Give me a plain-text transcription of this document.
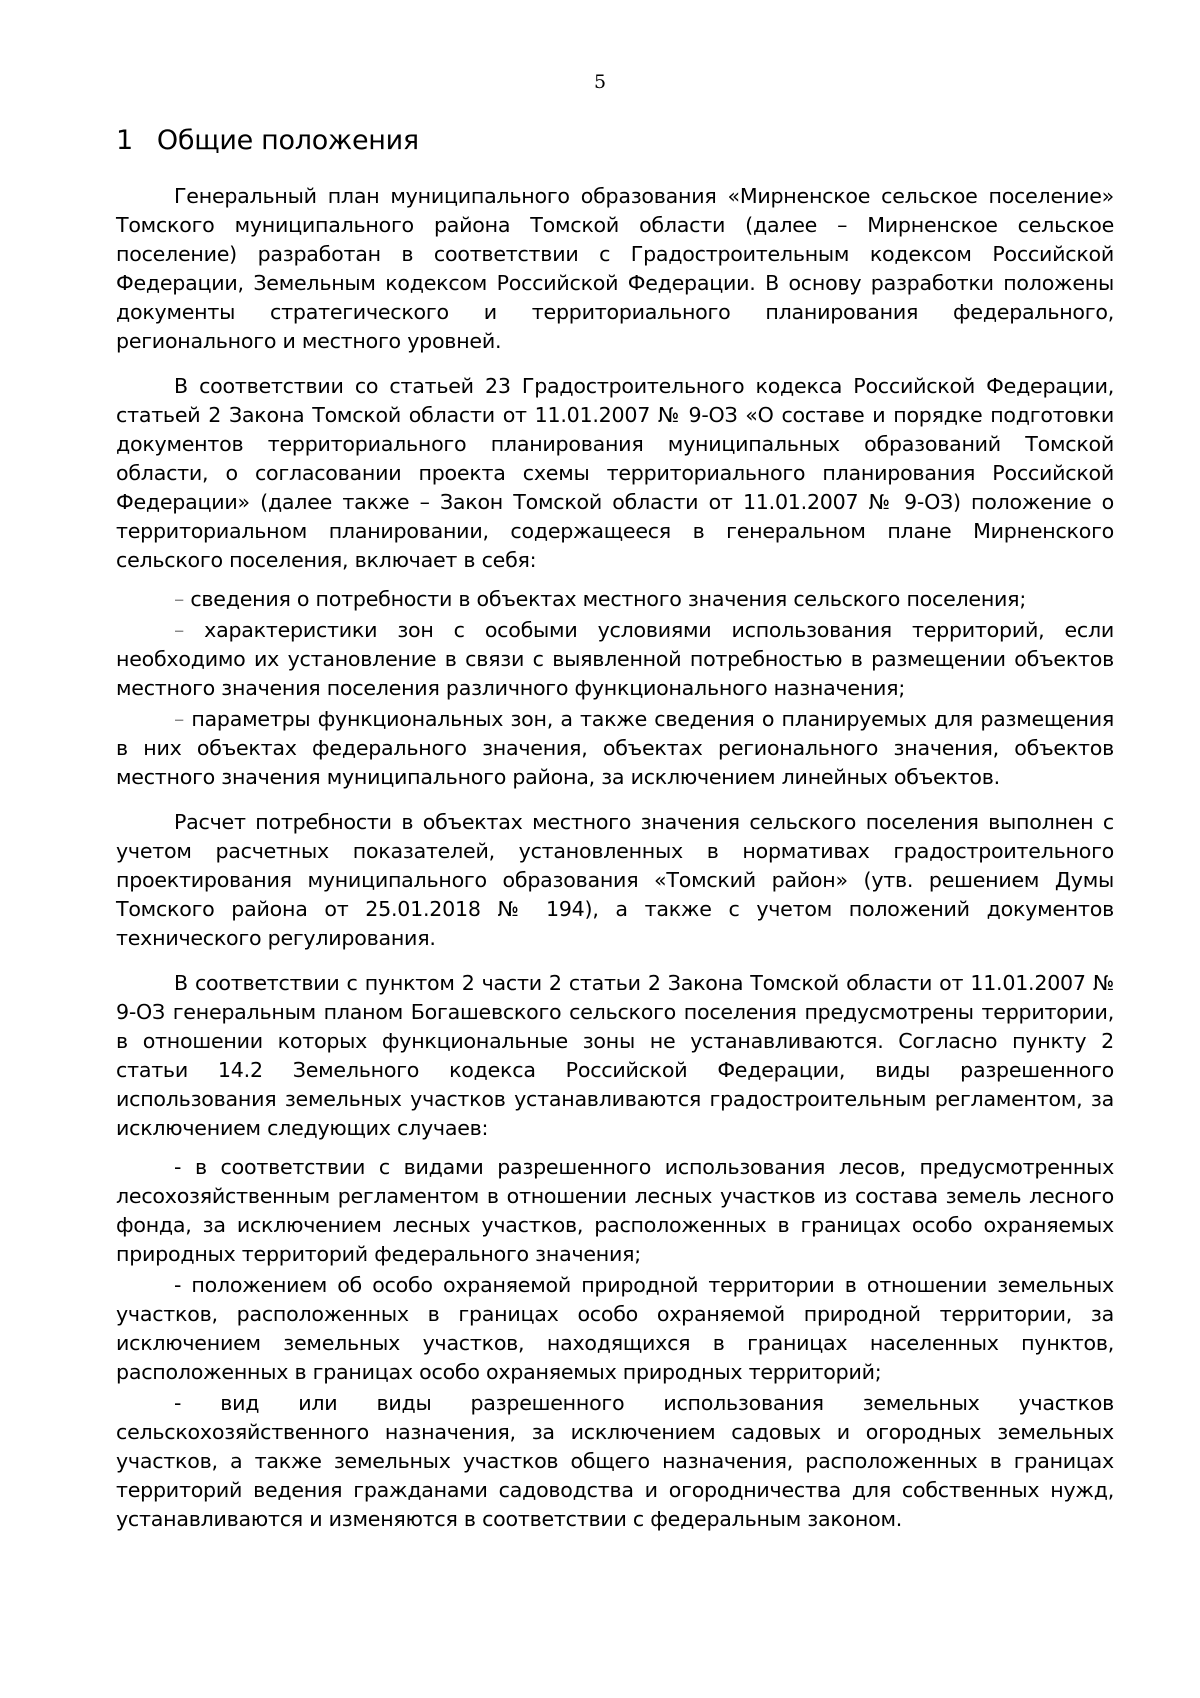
5
1 Общие положения

Генеральный план муниципального образования «Мирненское сельское поселение» Томского муниципального района Томской области (далее – Мирненское сельское поселение) разработан в соответствии с Градостроительным кодексом Российской Федерации, Земельным кодексом Российской Федерации. В основу разработки положены документы стратегического и территориального планирования федерального, регионального и местного уровней.

В соответствии со статьей 23 Градостроительного кодекса Российской Федерации, статьей 2 Закона Томской области от 11.01.2007 № 9-ОЗ «О составе и порядке подготовки документов территориального планирования муниципальных образований Томской области, о согласовании проекта схемы территориального планирования Российской Федерации» (далее также – Закон Томской области от 11.01.2007 № 9-ОЗ) положение о территориальном планировании, содержащееся в генеральном плане Мирненского сельского поселения, включает в себя:

– сведения о потребности в объектах местного значения сельского поселения;

– характеристики зон с особыми условиями использования территорий, если необходимо их установление в связи с выявленной потребностью в размещении объектов местного значения поселения различного функционального назначения;

– параметры функциональных зон, а также сведения о планируемых для размещения в них объектах федерального значения, объектах регионального значения, объектов местного значения муниципального района, за исключением линейных объектов.

Расчет потребности в объектах местного значения сельского поселения выполнен с учетом расчетных показателей, установленных в нормативах градостроительного проектирования муниципального образования «Томский район» (утв. решением Думы Томского района от 25.01.2018 № 194), а также с учетом положений документов технического регулирования.

В соответствии с пунктом 2 части 2 статьи 2 Закона Томской области от 11.01.2007 № 9-ОЗ генеральным планом Богашевского сельского поселения предусмотрены территории, в отношении которых функциональные зоны не устанавливаются. Согласно пункту 2 статьи 14.2 Земельного кодекса Российской Федерации, виды разрешенного использования земельных участков устанавливаются градостроительным регламентом, за исключением следующих случаев:

- в соответствии с видами разрешенного использования лесов, предусмотренных лесохозяйственным регламентом в отношении лесных участков из состава земель лесного фонда, за исключением лесных участков, расположенных в границах особо охраняемых природных территорий федерального значения;

- положением об особо охраняемой природной территории в отношении земельных участков, расположенных в границах особо охраняемой природной территории, за исключением земельных участков, находящихся в границах населенных пунктов, расположенных в границах особо охраняемых природных территорий;

- вид или виды разрешенного использования земельных участков сельскохозяйственного назначения, за исключением садовых и огородных земельных участков, а также земельных участков общего назначения, расположенных в границах территорий ведения гражданами садоводства и огородничества для собственных нужд, устанавливаются и изменяются в соответствии с федеральным законом.
